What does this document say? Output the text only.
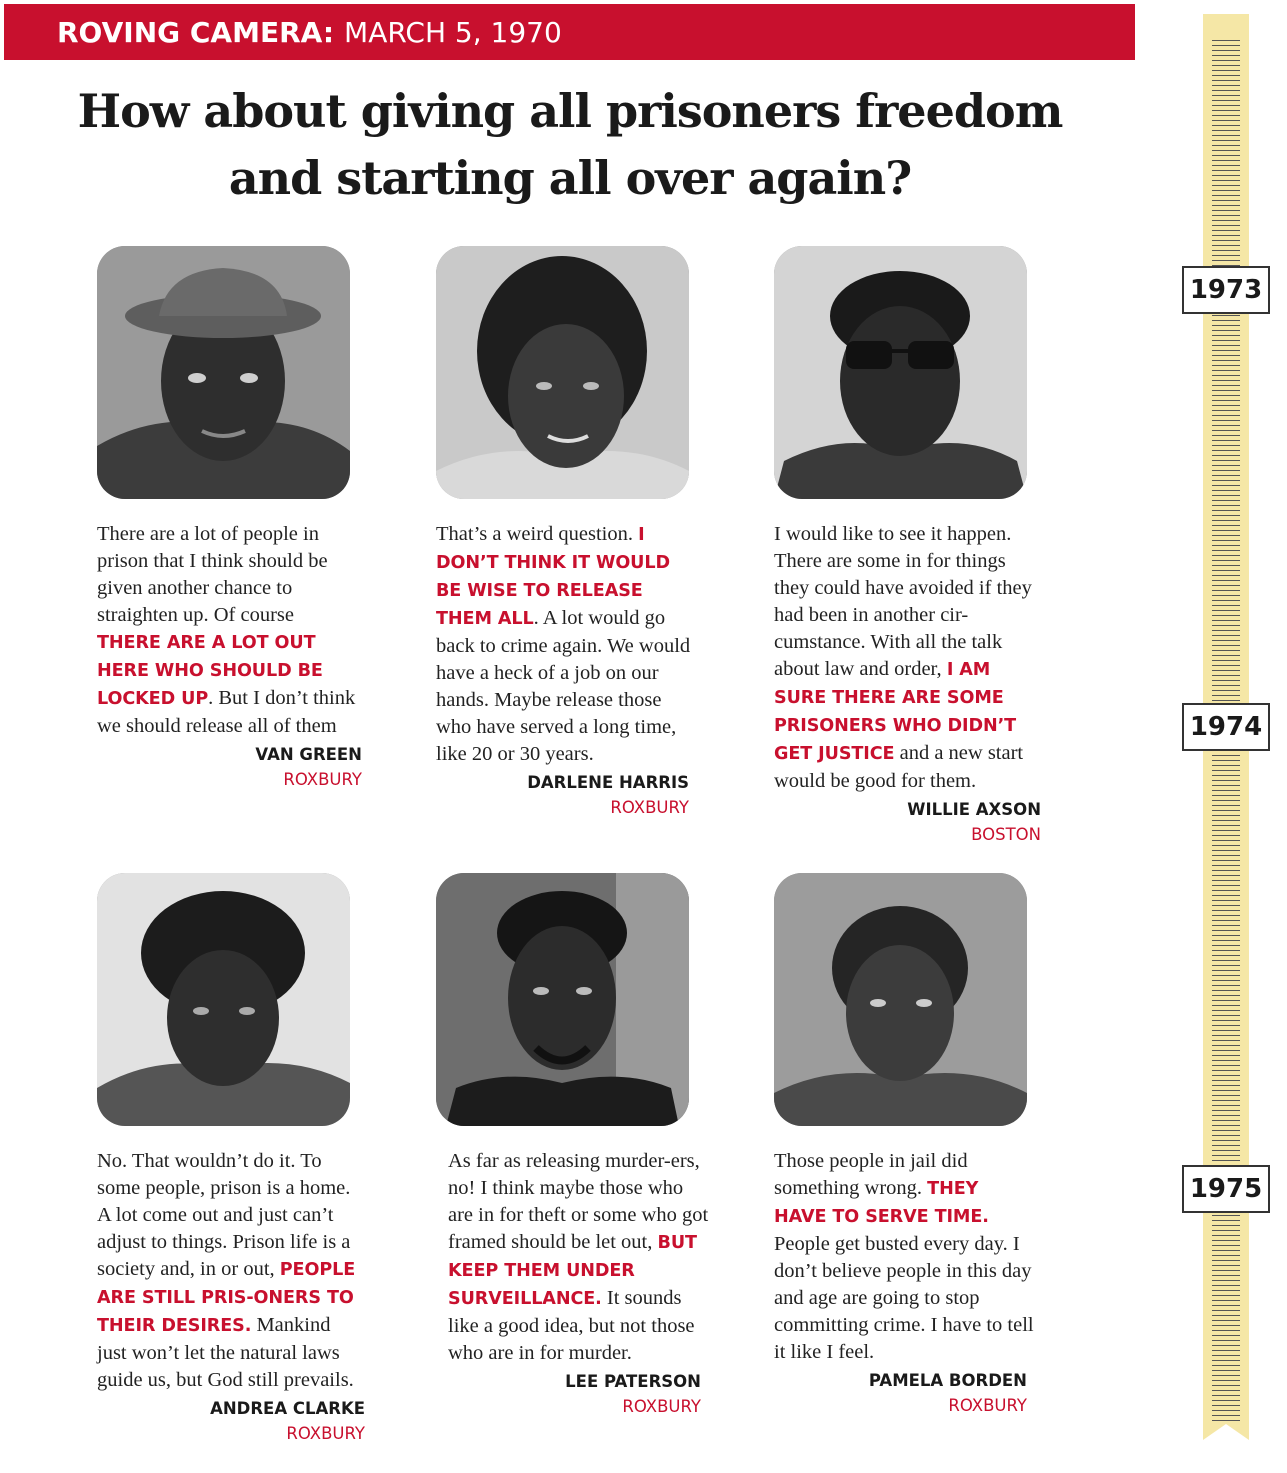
ROVING CAMERA: MARCH 5, 1970
How about giving all prisoners freedom
and starting all over again?
There are a lot of people in prison that I think should be given another chance to straighten up. Of course THERE ARE A LOT OUT HERE WHO SHOULD BE LOCKED UP. But I don’t think we should release all of them
VAN GREEN
ROXBURY
That’s a weird question. I DON’T THINK IT WOULD BE WISE TO RELEASE THEM ALL. A lot would go back to crime again. We would have a heck of a job on our hands. Maybe release those who have served a long time, like 20 or 30 years.
DARLENE HARRIS
ROXBURY
I would like to see it happen. There are some in for things they could have avoided if they had been in another cir-cumstance. With all the talk about law and order, I AM SURE THERE ARE SOME PRISONERS WHO DIDN’T GET JUSTICE and a new start would be good for them.
WILLIE AXSON
BOSTON
No. That wouldn’t do it. To some people, prison is a home. A lot come out and just can’t adjust to things. Prison life is a society and, in or out, PEOPLE ARE STILL PRIS-ONERS TO THEIR DESIRES. Mankind just won’t let the natural laws guide us, but God still prevails.
ANDREA CLARKE
ROXBURY
As far as releasing murder-ers, no! I think maybe those who are in for theft or some who got framed should be let out, BUT KEEP THEM UNDER SURVEILLANCE. It sounds like a good idea, but not those who are in for murder.
LEE PATERSON
ROXBURY
Those people in jail did something wrong. THEY HAVE TO SERVE TIME. People get busted every day. I don’t believe people in this day and age are going to stop committing crime. I have to tell it like I feel.
PAMELA BORDEN
ROXBURY
1973
1974
1975
